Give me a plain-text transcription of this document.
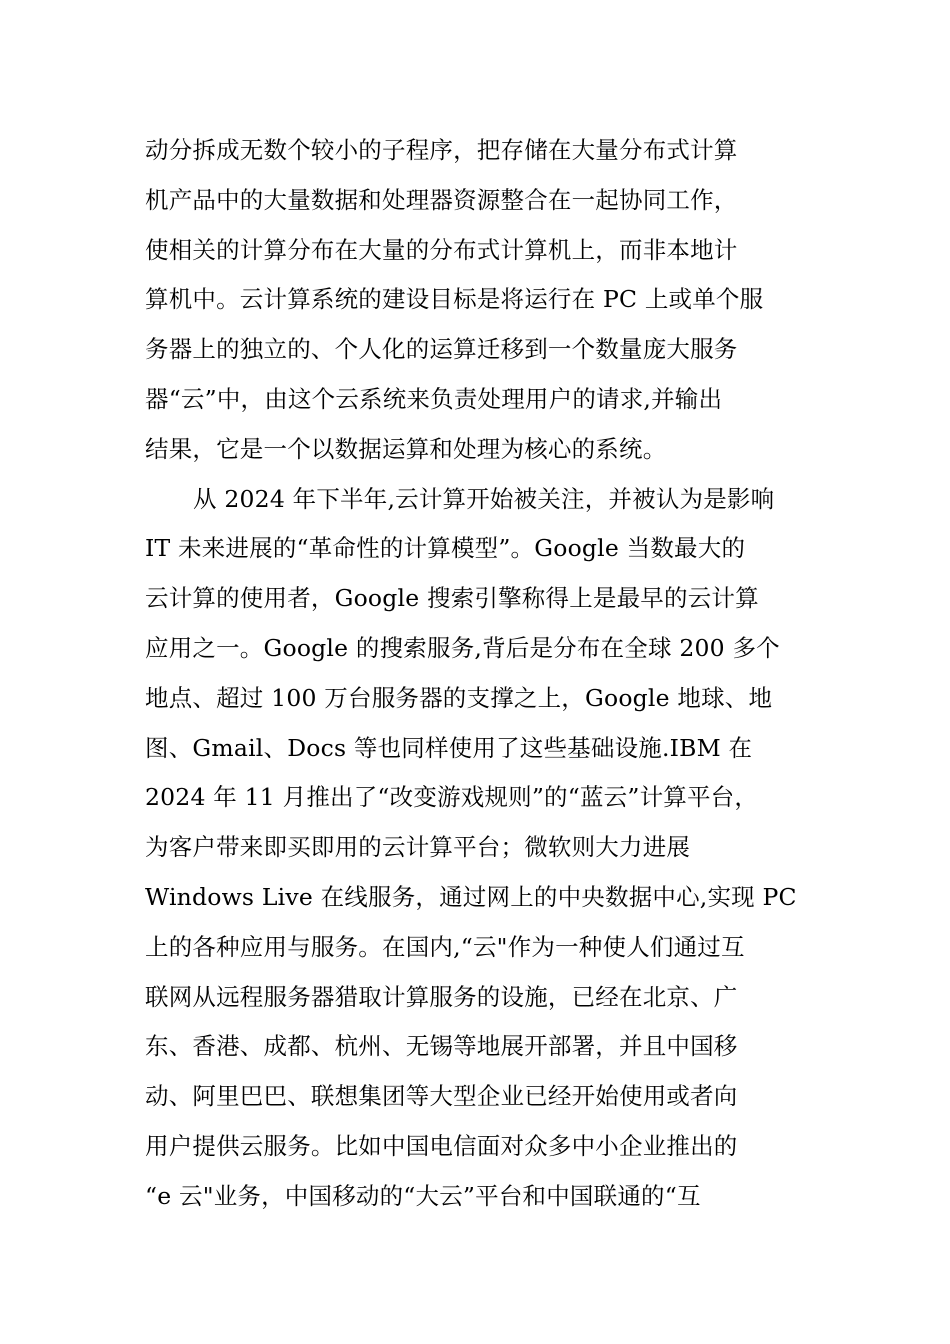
动分拆成无数个较小的子程序，把存储在大量分布式计算
机产品中的大量数据和处理器资源整合在一起协同工作，
使相关的计算分布在大量的分布式计算机上，而非本地计
算机中。云计算系统的建设目标是将运行在 PC 上或单个服
务器上的独立的、个人化的运算迁移到一个数量庞大服务
器“云”中，由这个云系统来负责处理用户的请求,并输出
结果，它是一个以数据运算和处理为核心的系统。
从 2024 年下半年,云计算开始被关注，并被认为是影响
IT 未来进展的“革命性的计算模型”。Google 当数最大的
云计算的使用者，Google 搜索引擎称得上是最早的云计算
应用之一。Google 的搜索服务,背后是分布在全球 200 多个
地点、超过 100 万台服务器的支撑之上，Google 地球、地
图、Gmail、Docs 等也同样使用了这些基础设施.IBM 在
2024 年 11 月推出了“改变游戏规则”的“蓝云”计算平台，
为客户带来即买即用的云计算平台；微软则大力进展
Windows Live 在线服务，通过网上的中央数据中心,实现 PC
上的各种应用与服务。在国内,“云"作为一种使人们通过互
联网从远程服务器猎取计算服务的设施，已经在北京、广
东、香港、成都、杭州、无锡等地展开部署，并且中国移
动、阿里巴巴、联想集团等大型企业已经开始使用或者向
用户提供云服务。比如中国电信面对众多中小企业推出的
“e 云"业务，中国移动的“大云”平台和中国联通的“互
